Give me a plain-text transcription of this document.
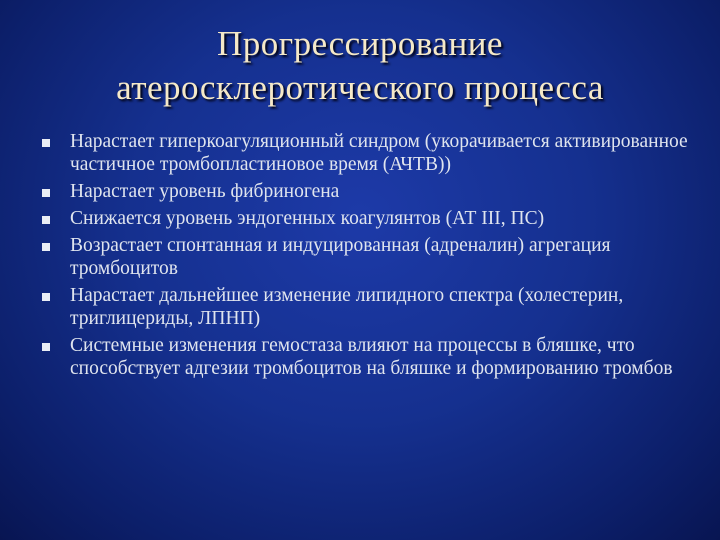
Прогрессирование
атеросклеротического процесса
Нарастает гиперкоагуляционный синдром (укорачивается активированное частичное тромбопластиновое время (АЧТВ))
Нарастает уровень фибриногена
Снижается уровень эндогенных коагулянтов (АТ III, ПС)
Возрастает спонтанная и индуцированная (адреналин) агрегация тромбоцитов
Нарастает дальнейшее изменение липидного спектра (холестерин, триглицериды, ЛПНП)
Системные изменения гемостаза влияют на процессы в бляшке, что способствует адгезии тромбоцитов на бляшке и формированию тромбов
